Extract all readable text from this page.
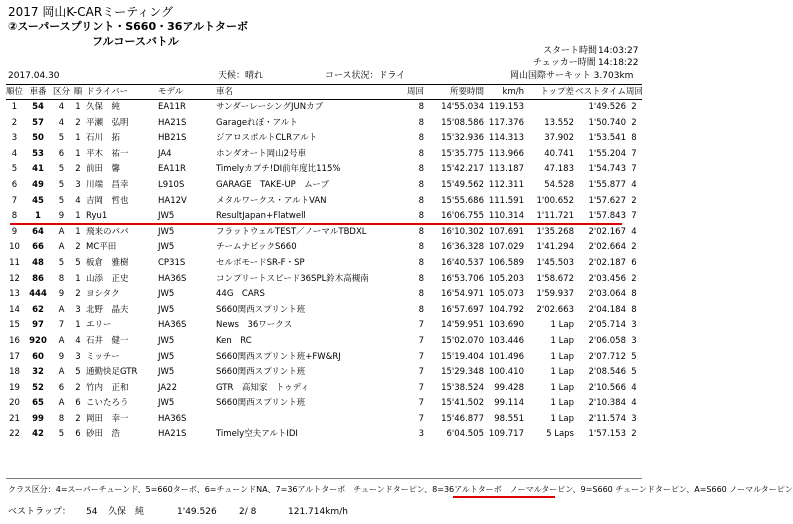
2017 岡山K-CARミーティング
②スーパースプリント・S660・36アルトターボ
フルコースバトル
スタート時間
：14:03:27
チェッカー時間
：14:18:22
2017.04.30	天候：晴れ	コース状況：ドライ	岡山国際サーキット 3.703km
順位	車番	区分	順	ドライバー	モデル	車名	周回	所要時間	km/h	トップ差	ベストタイム	周回
1	54	4	1	久保　純	EA11R	サンダーレーシングJUNカブ	8	14'55.034	119.153		1'49.526	2
2	57	4	2	平瀬　弘明	HA21S	Garageれぼ・アルト	8	15'08.586	117.376	13.552	1'50.740	2
3	50	5	1	石川　拓	HB21S	ジアロスポルトCLRアルト	8	15'32.936	114.313	37.902	1'53.541	8
4	53	6	1	平木　祐一	JA4	ホンダオート岡山2号車	8	15'35.775	113.966	40.741	1'55.204	7
5	41	5	2	前田　馨	EA11R	Timelyカプチ!DI前年度比115%	8	15'42.217	113.187	47.183	1'54.743	7
6	49	5	3	川端　昌幸	L910S	GARAGE　TAKE-UP　ムーブ	8	15'49.562	112.311	54.528	1'55.877	4
7	45	5	4	吉岡　哲也	HA12V	メタルワークス・アルトVAN	8	15'55.686	111.591	1'00.652	1'57.627	2
8	1	9	1	Ryu1	JW5	ResultJapan+Flatwell	8	16'06.755	110.314	1'11.721	1'57.843	7
9	64	A	1	飛来のパパ	JW5	フラットウェルTEST／ノーマルTBDXL	8	16'10.302	107.691	1'35.268	2'02.167	4
10	66	A	2	MC平田	JW5	チームナビックS660	8	16'36.328	107.029	1'41.294	2'02.664	2
11	48	5	5	板倉　雅樹	CP31S	セルボモードSR-F・SP	8	16'40.537	106.589	1'45.503	2'02.187	6
12	86	8	1	山添　正史	HA36S	コンプリートスピード36SPL鈴木高槻南	8	16'53.706	105.203	1'58.672	2'03.456	2
13	444	9	2	ヨシタク	JW5	44G　CARS	8	16'54.971	105.073	1'59.937	2'03.064	8
14	62	A	3	北野　晶夫	JW5	S660関西スプリント班	8	16'57.697	104.792	2'02.663	2'04.184	8
15	97	7	1	エリー	HA36S	News　36ワークス	7	14'59.951	103.690	1 Lap	2'05.714	3
16	920	A	4	石井　健一	JW5	Ken　RC	7	15'02.070	103.446	1 Lap	2'06.058	3
17	60	9	3	ミッチー	JW5	S660関西スプリント班+FW&RJ	7	15'19.404	101.496	1 Lap	2'07.712	5
18	32	A	5	通勤快足GTR	JW5	S660関西スプリント班	7	15'29.348	100.410	1 Lap	2'08.546	5
19	52	6	2	竹内　正和	JA22	GTR　高知家　トゥディ	7	15'38.524	99.428	1 Lap	2'10.566	4
20	65	A	6	こいたろう	JW5	S660関西スプリント班	7	15'41.502	99.114	1 Lap	2'10.384	4
21	99	8	2	岡田　幸一	HA36S		7	15'46.877	98.551	1 Lap	2'11.574	3
22	42	5	6	砂田　浩	HA21S	Timely空夫アルトIDI	3	6'04.505	109.717	5 Laps	1'57.153	2
クラス区分：4=スーパーチューンド、5=660ターボ、6=チューンドNA、7=36アルトターボ　チューンドターピン、8=36アルトターボ　ノーマルターピン、9=S660 チューンドターピン、A=S660 ノーマルターピン
ベストラップ： 54 久保　純	1'49.526 2/ 8	121.714km/h
